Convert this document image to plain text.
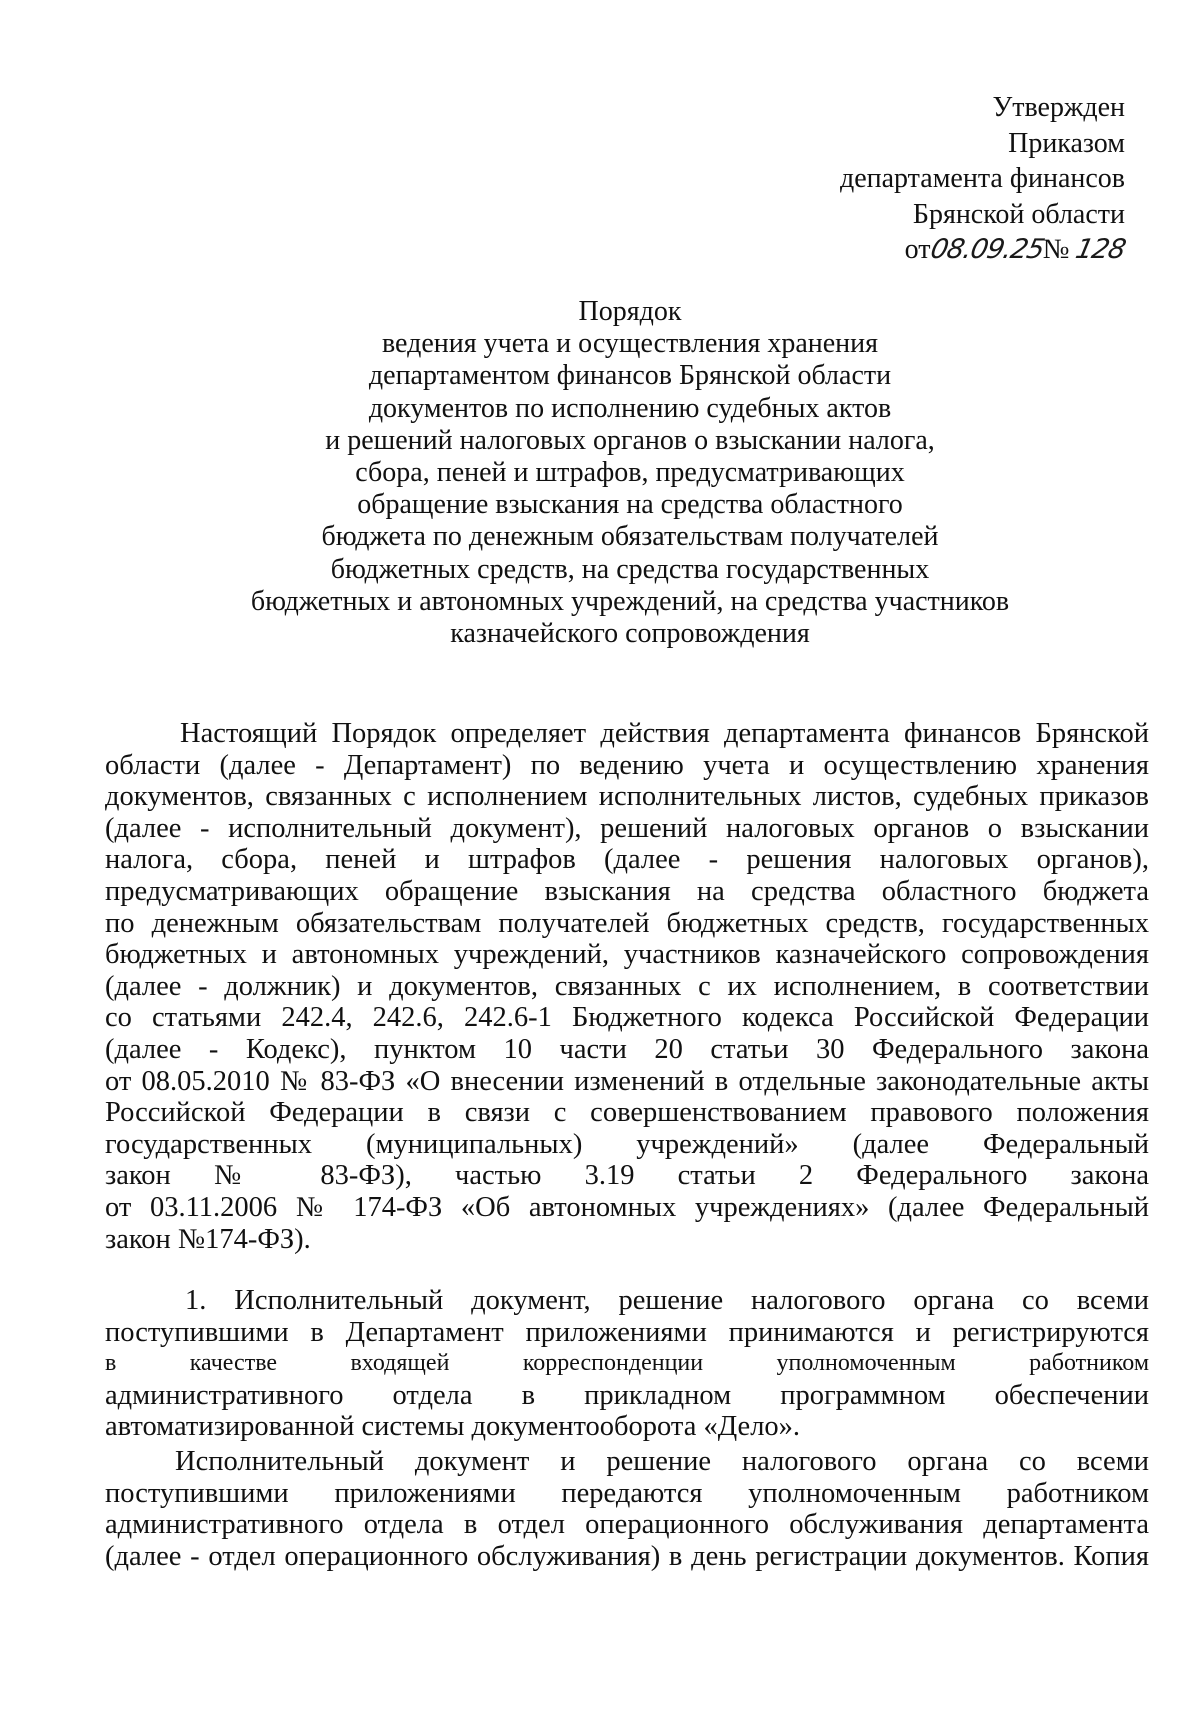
Утвержден
Приказом
департамента финансов
Брянской области
от08.09.25№ 128
Порядок
ведения учета и осуществления хранения
департаментом финансов Брянской области
документов по исполнению судебных актов
и решений налоговых органов о взыскании налога,
сбора, пеней и штрафов, предусматривающих
обращение взыскания на средства областного
бюджета по денежным обязательствам получателей
бюджетных средств, на средства государственных
бюджетных и автономных учреждений, на средства участников
казначейского сопровождения
Настоящий Порядок определяет действия департамента финансов Брянской
области (далее - Департамент) по ведению учета и осуществлению хранения
документов, связанных с исполнением исполнительных листов, судебных приказов
(далее - исполнительный документ), решений налоговых органов о взыскании
налога, сбора, пеней и штрафов (далее - решения налоговых органов),
предусматривающих обращение взыскания на средства областного бюджета
по денежным обязательствам получателей бюджетных средств, государственных
бюджетных и автономных учреждений, участников казначейского сопровождения
(далее - должник) и документов, связанных с их исполнением, в соответствии
со статьями 242.4, 242.6, 242.6-1 Бюджетного кодекса Российской Федерации
(далее - Кодекс), пунктом 10 части 20 статьи 30 Федерального закона
от 08.05.2010 № 83-ФЗ «О внесении изменений в отдельные законодательные акты
Российской Федерации в связи с совершенствованием правового положения
государственных (муниципальных) учреждений» (далее Федеральный
закон № 83-ФЗ), частью 3.19 статьи 2 Федерального закона
от 03.11.2006 № 174-ФЗ «Об автономных учреждениях» (далее Федеральный
закон №174-ФЗ).
1. Исполнительный документ, решение налогового органа со всеми
поступившими в Департамент приложениями принимаются и регистрируются
в качестве входящей корреспонденции уполномоченным работником
административного отдела в прикладном программном обеспечении
автоматизированной системы документооборота «Дело».
Исполнительный документ и решение налогового органа со всеми
поступившими приложениями передаются уполномоченным работником
административного отдела в отдел операционного обслуживания департамента
(далее - отдел операционного обслуживания) в день регистрации документов. Копия
